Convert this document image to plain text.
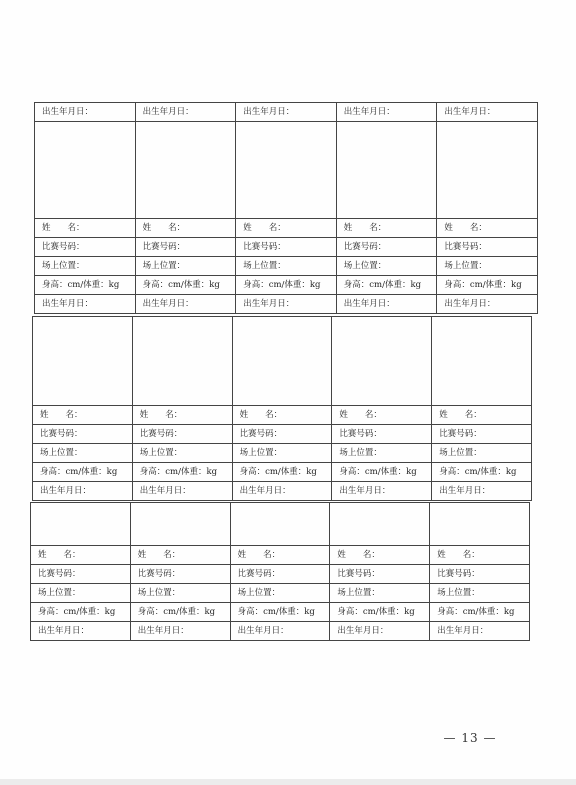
出生年月日：	出生年月日：	出生年月日：	出生年月日：	出生年月日：

姓　　名：	姓　　名：	姓　　名：	姓　　名：	姓　　名：
比赛号码：	比赛号码：	比赛号码：	比赛号码：	比赛号码：
场上位置：	场上位置：	场上位置：	场上位置：	场上位置：
身高：cm/体重：kg	身高：cm/体重：kg	身高：cm/体重：kg	身高：cm/体重：kg	身高：cm/体重：kg
出生年月日：	出生年月日：	出生年月日：	出生年月日：	出生年月日：

姓　　名：	姓　　名：	姓　　名：	姓　　名：	姓　　名：
比赛号码：	比赛号码：	比赛号码：	比赛号码：	比赛号码：
场上位置：	场上位置：	场上位置：	场上位置：	场上位置：
身高：cm/体重：kg	身高：cm/体重：kg	身高：cm/体重：kg	身高：cm/体重：kg	身高：cm/体重：kg
出生年月日：	出生年月日：	出生年月日：	出生年月日：	出生年月日：

姓　　名：	姓　　名：	姓　　名：	姓　　名：	姓　　名：
比赛号码：	比赛号码：	比赛号码：	比赛号码：	比赛号码：
场上位置：	场上位置：	场上位置：	场上位置：	场上位置：
身高：cm/体重：kg	身高：cm/体重：kg	身高：cm/体重：kg	身高：cm/体重：kg	身高：cm/体重：kg
出生年月日：	出生年月日：	出生年月日：	出生年月日：	出生年月日：
— 13 —
